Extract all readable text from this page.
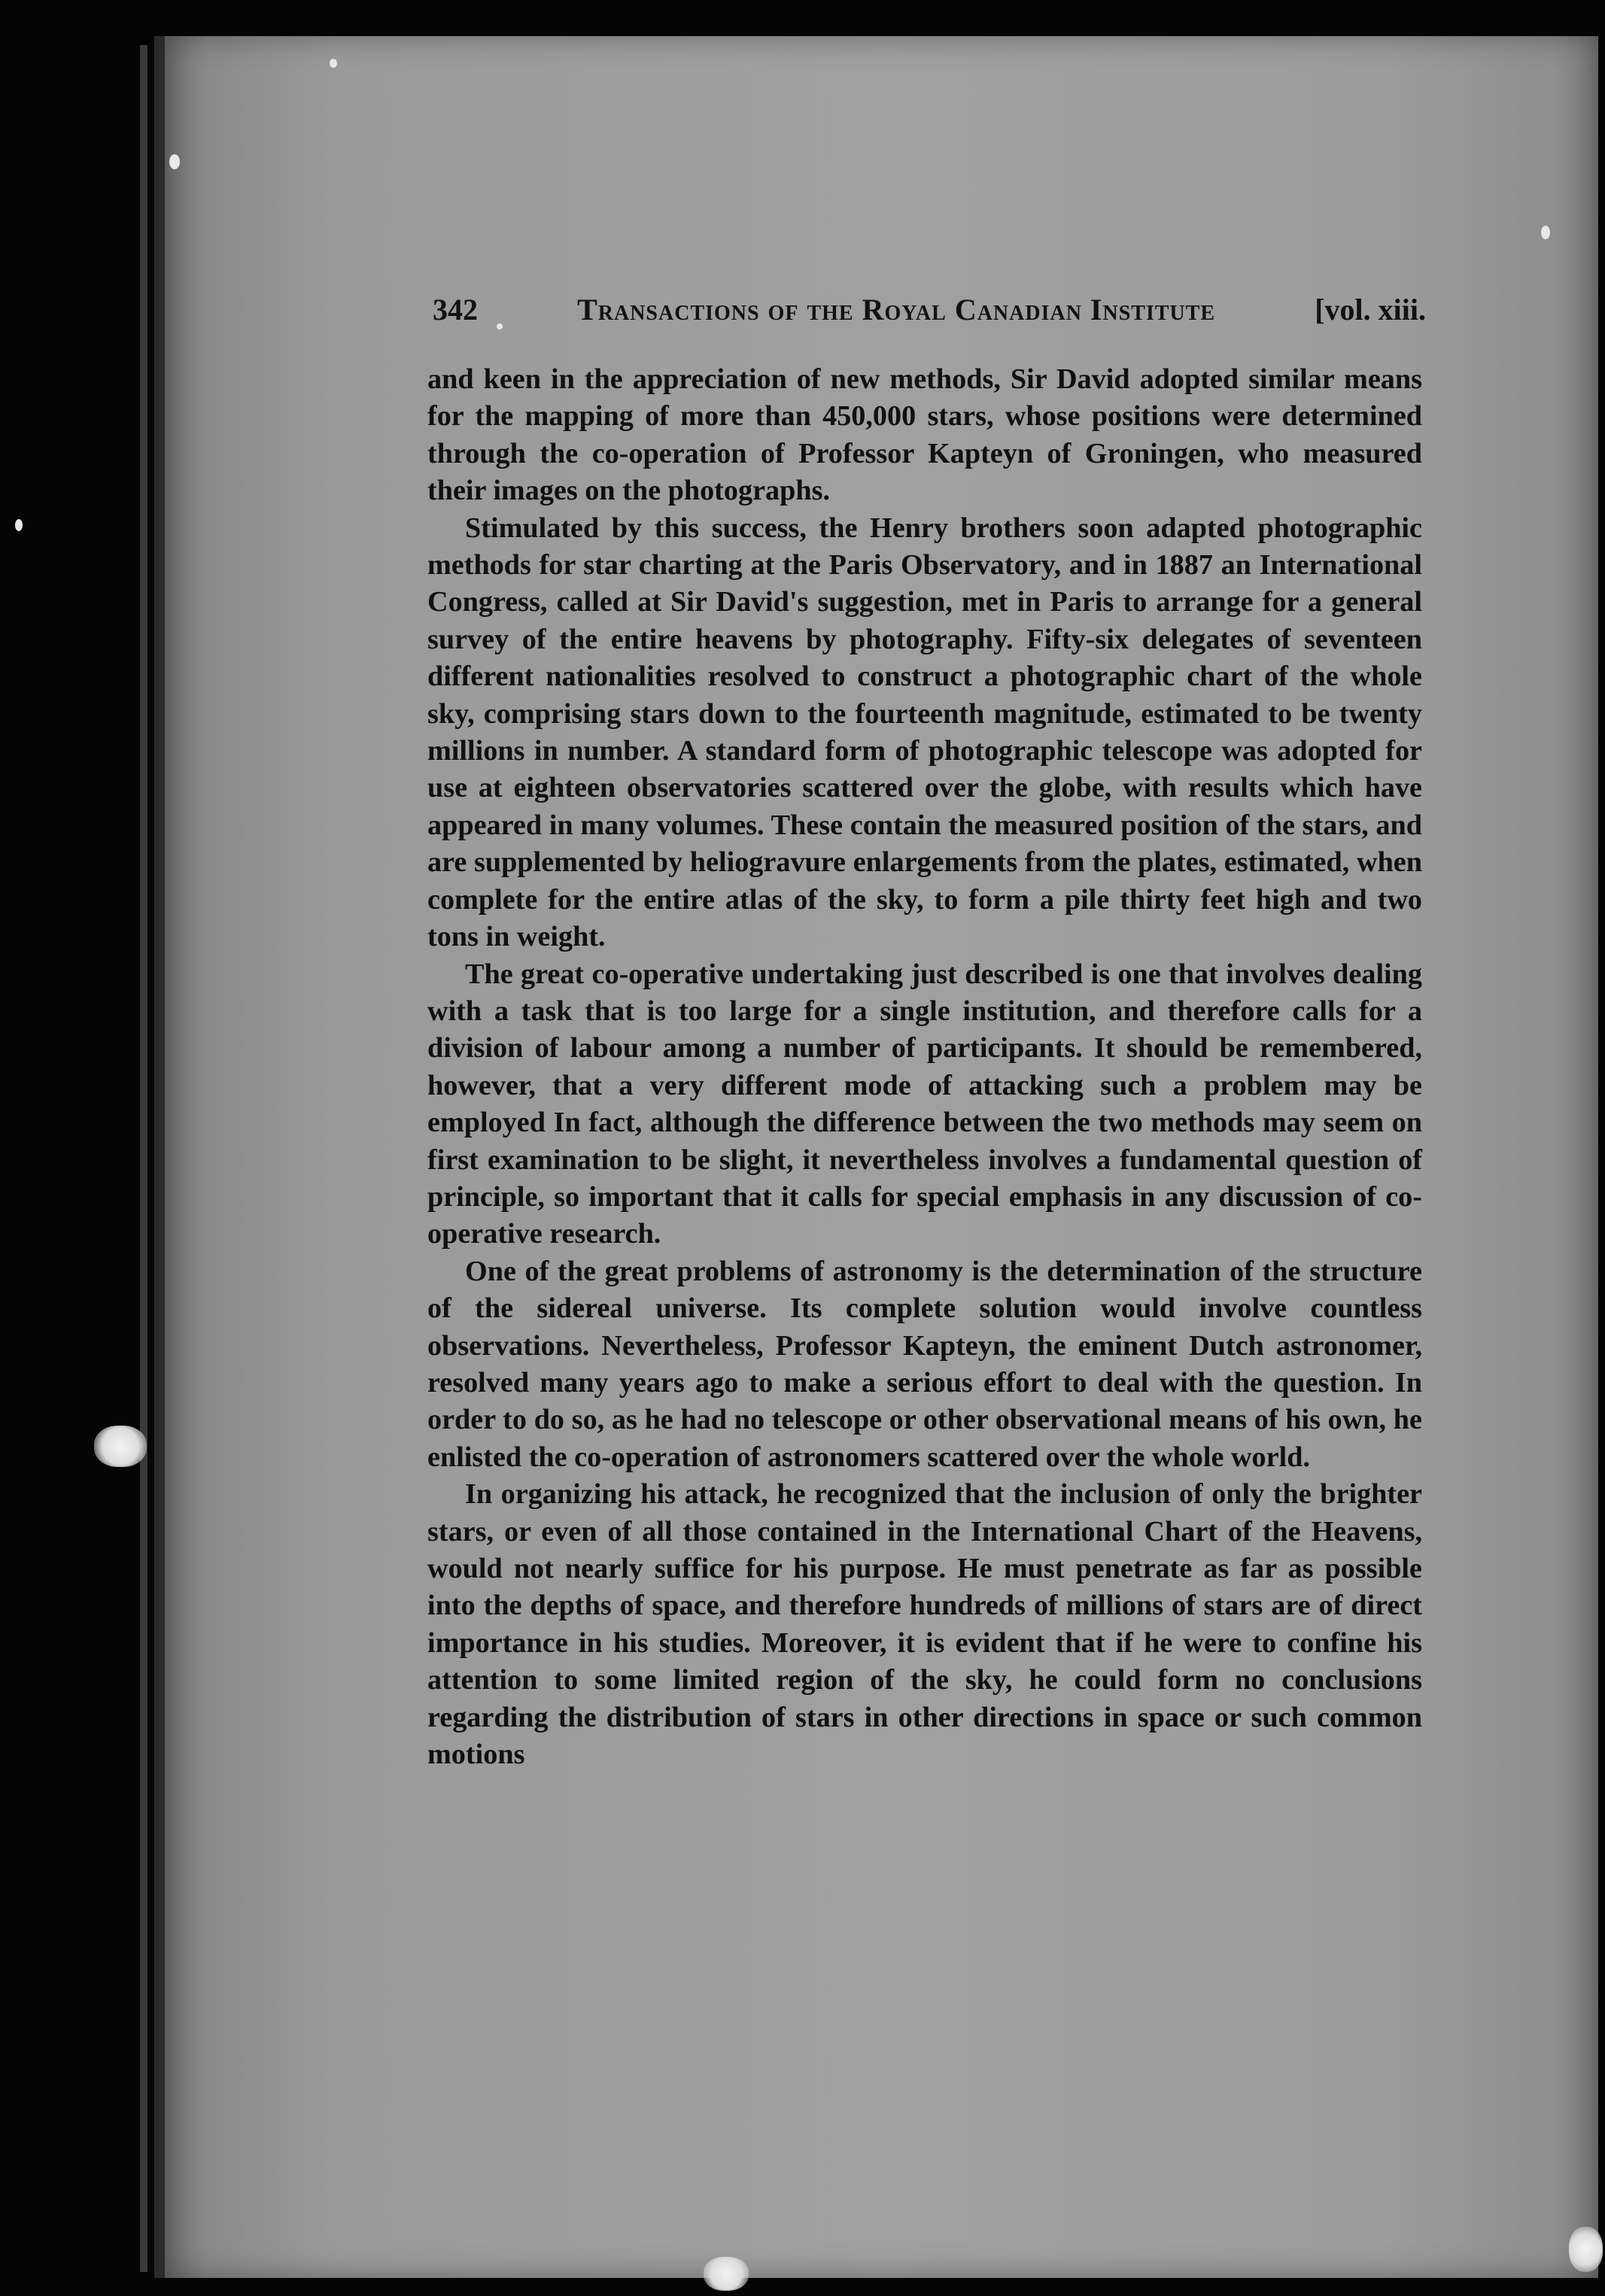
342	Transactions of the Royal Canadian Institute	[vol. xiii.

and keen in the appreciation of new methods, Sir David adopted similar means for the mapping of more than 450,000 stars, whose positions were determined through the co-operation of Professor Kapteyn of Groningen, who measured their images on the photographs.

Stimulated by this success, the Henry brothers soon adapted photographic methods for star charting at the Paris Observatory, and in 1887 an International Congress, called at Sir David's suggestion, met in Paris to arrange for a general survey of the entire heavens by photography. Fifty-six delegates of seventeen different nationalities resolved to construct a photographic chart of the whole sky, comprising stars down to the fourteenth magnitude, estimated to be twenty millions in number. A standard form of photographic telescope was adopted for use at eighteen observatories scattered over the globe, with results which have appeared in many volumes. These contain the measured position of the stars, and are supplemented by heliogravure enlargements from the plates, estimated, when complete for the entire atlas of the sky, to form a pile thirty feet high and two tons in weight.

The great co-operative undertaking just described is one that involves dealing with a task that is too large for a single institution, and therefore calls for a division of labour among a number of participants. It should be remembered, however, that a very different mode of attacking such a problem may be employed In fact, although the difference between the two methods may seem on first examination to be slight, it nevertheless involves a fundamental question of principle, so important that it calls for special emphasis in any discussion of co-operative research.

One of the great problems of astronomy is the determination of the structure of the sidereal universe. Its complete solution would involve countless observations. Nevertheless, Professor Kapteyn, the eminent Dutch astronomer, resolved many years ago to make a serious effort to deal with the question. In order to do so, as he had no telescope or other observational means of his own, he enlisted the co-operation of astronomers scattered over the whole world.

In organizing his attack, he recognized that the inclusion of only the brighter stars, or even of all those contained in the International Chart of the Heavens, would not nearly suffice for his purpose. He must penetrate as far as possible into the depths of space, and therefore hundreds of millions of stars are of direct importance in his studies. Moreover, it is evident that if he were to confine his attention to some limited region of the sky, he could form no conclusions regarding the distribution of stars in other directions in space or such common motions
